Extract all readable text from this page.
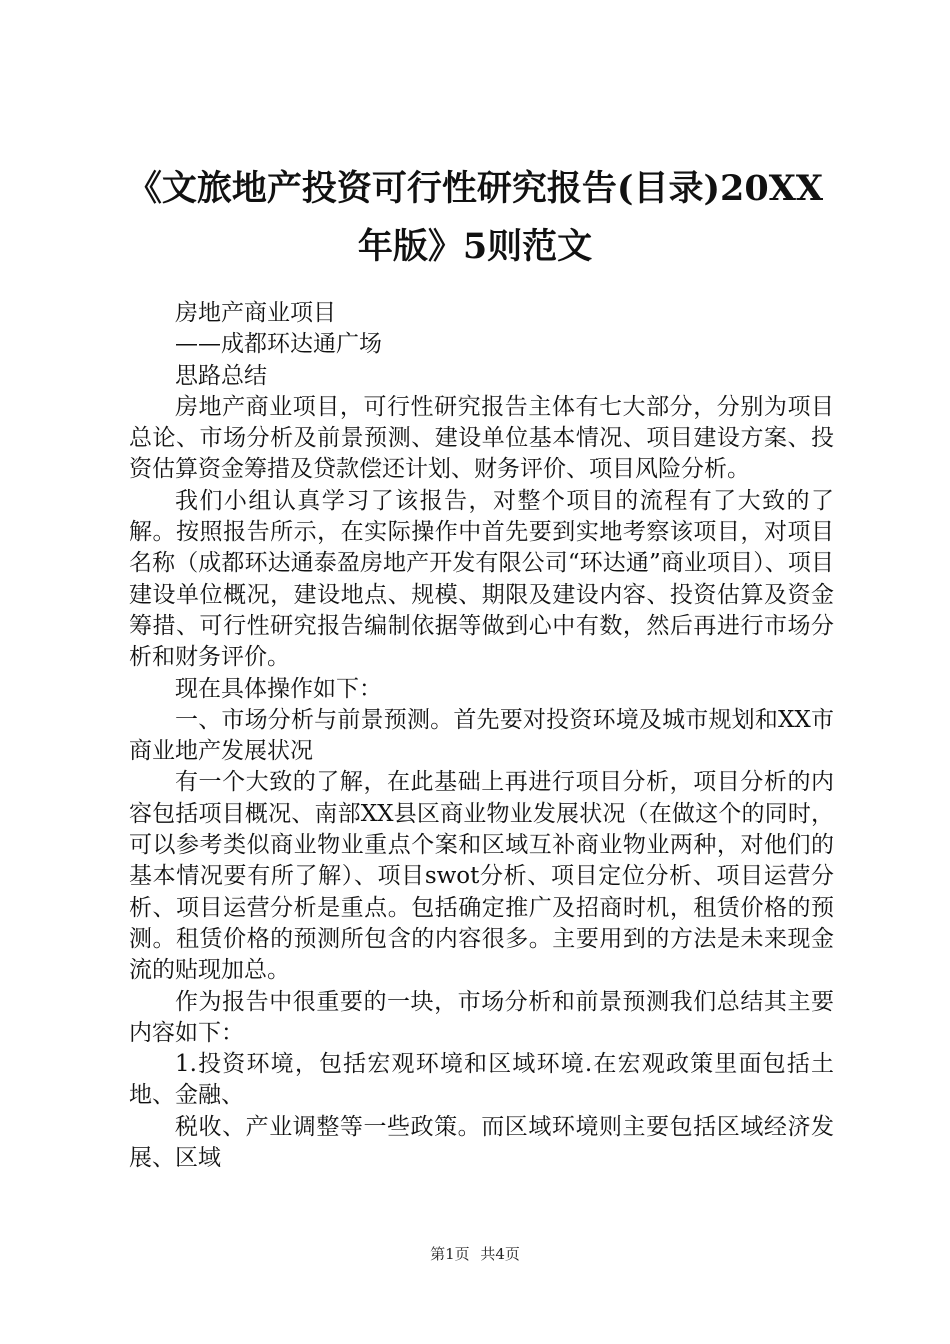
《文旅地产投资可行性研究报告(目录)20XX
年版》5则范文

房地产商业项目

——成都环达通广场

思路总结

房地产商业项目，可行性研究报告主体有七大部分，分别为项目总论、市场分析及前景预测、建设单位基本情况、项目建设方案、投资估算资金筹措及贷款偿还计划、财务评价、项目风险分析。

我们小组认真学习了该报告，对整个项目的流程有了大致的了解。按照报告所示，在实际操作中首先要到实地考察该项目，对项目名称（成都环达通泰盈房地产开发有限公司“环达通”商业项目）、项目建设单位概况，建设地点、规模、期限及建设内容、投资估算及资金筹措、可行性研究报告编制依据等做到心中有数，然后再进行市场分析和财务评价。

现在具体操作如下：

一、市场分析与前景预测。首先要对投资环境及城市规划和XX市商业地产发展状况

有一个大致的了解，在此基础上再进行项目分析，项目分析的内容包括项目概况、南部XX县区商业物业发展状况（在做这个的同时，可以参考类似商业物业重点个案和区域互补商业物业两种，对他们的基本情况要有所了解）、项目swot分析、项目定位分析、项目运营分析、项目运营分析是重点。包括确定推广及招商时机，租赁价格的预测。租赁价格的预测所包含的内容很多。主要用到的方法是未来现金流的贴现加总。

作为报告中很重要的一块，市场分析和前景预测我们总结其主要内容如下：

1.投资环境，包括宏观环境和区域环境.在宏观政策里面包括土地、金融、

税收、产业调整等一些政策。而区域环境则主要包括区域经济发展、区域

第1页 共4页
